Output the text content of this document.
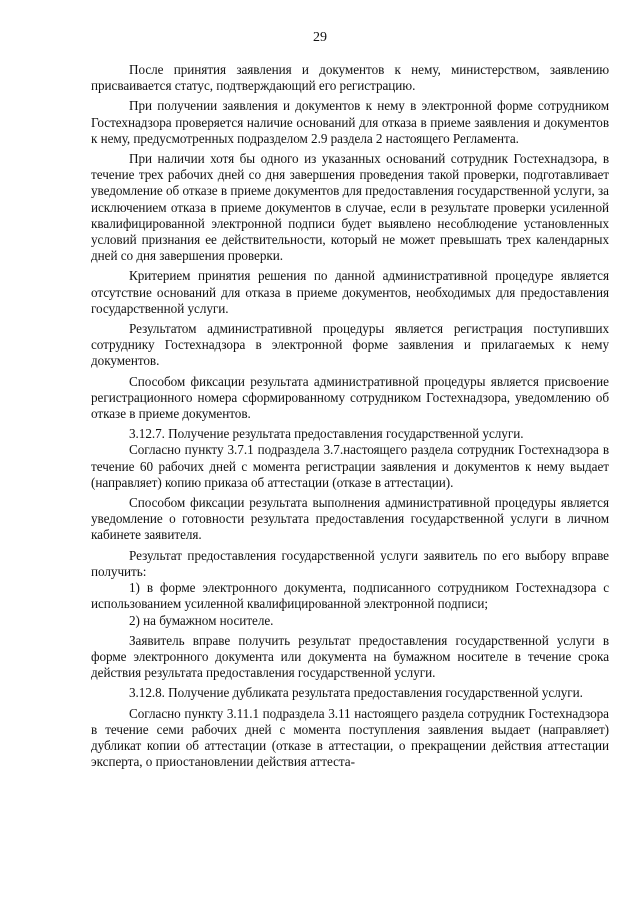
29

После принятия заявления и документов к нему, министерством, заявлению присваивается статус, подтверждающий его регистрацию.

При получении заявления и документов к нему в электронной форме сотрудником Гостехнадзора проверяется наличие оснований для отказа в приеме заявления и документов к нему, предусмотренных подразделом 2.9 раздела 2 настоящего Регламента.

При наличии хотя бы одного из указанных оснований сотрудник Гостехнадзора, в течение трех рабочих дней со дня завершения проведения такой проверки, подготавливает уведомление об отказе в приеме документов для предоставления государственной услуги, за исключением отказа в приеме документов в случае, если в результате проверки усиленной квалифицированной электронной подписи будет выявлено несоблюдение установленных условий признания ее действительности, который не может превышать трех календарных дней со дня завершения проверки.

Критерием принятия решения по данной административной процедуре является отсутствие оснований для отказа в приеме документов, необходимых для предоставления государственной услуги.

Результатом административной процедуры является регистрация поступивших сотруднику Гостехнадзора в электронной форме заявления и прилагаемых к нему документов.

Способом фиксации результата административной процедуры является присвоение регистрационного номера сформированному сотрудником Гостехнадзора, уведомлению об отказе в приеме документов.

3.12.7. Получение результата предоставления государственной услуги.

Согласно пункту 3.7.1 подраздела 3.7.настоящего раздела сотрудник Гостехнадзора в течение 60 рабочих дней с момента регистрации заявления и документов к нему выдает (направляет) копию приказа об аттестации (отказе в аттестации).

Способом фиксации результата выполнения административной процедуры является уведомление о готовности результата предоставления государственной услуги в личном кабинете заявителя.

Результат предоставления государственной услуги заявитель по его выбору вправе получить:

1) в форме электронного документа, подписанного сотрудником Гостехнадзора с использованием усиленной квалифицированной электронной подписи;

2) на бумажном носителе.

Заявитель вправе получить результат предоставления государственной услуги в форме электронного документа или документа на бумажном носителе в течение срока действия результата предоставления государственной услуги.

3.12.8. Получение дубликата результата предоставления государственной услуги.

Согласно пункту 3.11.1 подраздела 3.11 настоящего раздела сотрудник Гостехнадзора в течение семи рабочих дней с момента поступления заявления выдает (направляет) дубликат копии об аттестации (отказе в аттестации, о прекращении действия аттестации эксперта, о приостановлении действия аттеста-
